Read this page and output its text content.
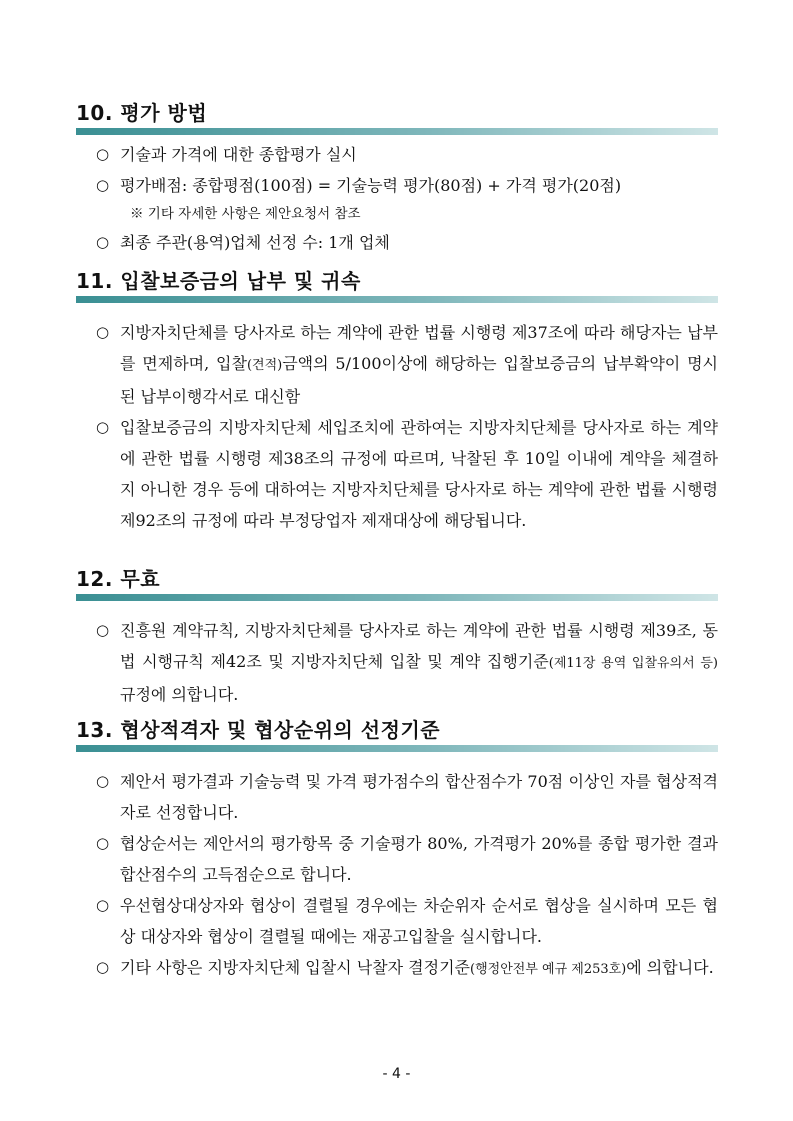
10. 평가 방법
○ 기술과 가격에 대한 종합평가 실시
○ 평가배점: 종합평점(100점) = 기술능력 평가(80점) + 가격 평가(20점)
※ 기타 자세한 사항은 제안요청서 참조
○ 최종 주관(용역)업체 선정 수: 1개 업체
11. 입찰보증금의 납부 및 귀속
○ 지방자치단체를 당사자로 하는 계약에 관한 법률 시행령 제37조에 따라 해당자는 납부를 면제하며, 입찰(견적)금액의 5/100이상에 해당하는 입찰보증금의 납부확약이 명시된 납부이행각서로 대신함
○ 입찰보증금의 지방자치단체 세입조치에 관하여는 지방자치단체를 당사자로 하는 계약에 관한 법률 시행령 제38조의 규정에 따르며, 낙찰된 후 10일 이내에 계약을 체결하지 아니한 경우 등에 대하여는 지방자치단체를 당사자로 하는 계약에 관한 법률 시행령 제92조의 규정에 따라 부정당업자 제재대상에 해당됩니다.
12. 무효
○ 진흥원 계약규칙, 지방자치단체를 당사자로 하는 계약에 관한 법률 시행령 제39조, 동법 시행규칙 제42조 및 지방자치단체 입찰 및 계약 집행기준(제11장 용역 입찰유의서 등) 규정에 의합니다.
13. 협상적격자 및 협상순위의 선정기준
○ 제안서 평가결과 기술능력 및 가격 평가점수의 합산점수가 70점 이상인 자를 협상적격자로 선정합니다.
○ 협상순서는 제안서의 평가항목 중 기술평가 80%, 가격평가 20%를 종합 평가한 결과 합산점수의 고득점순으로 합니다.
○ 우선협상대상자와 협상이 결렬될 경우에는 차순위자 순서로 협상을 실시하며 모든 협상 대상자와 협상이 결렬될 때에는 재공고입찰을 실시합니다.
○ 기타 사항은 지방자치단체 입찰시 낙찰자 결정기준(행정안전부 예규 제253호)에 의합니다.
- 4 -
